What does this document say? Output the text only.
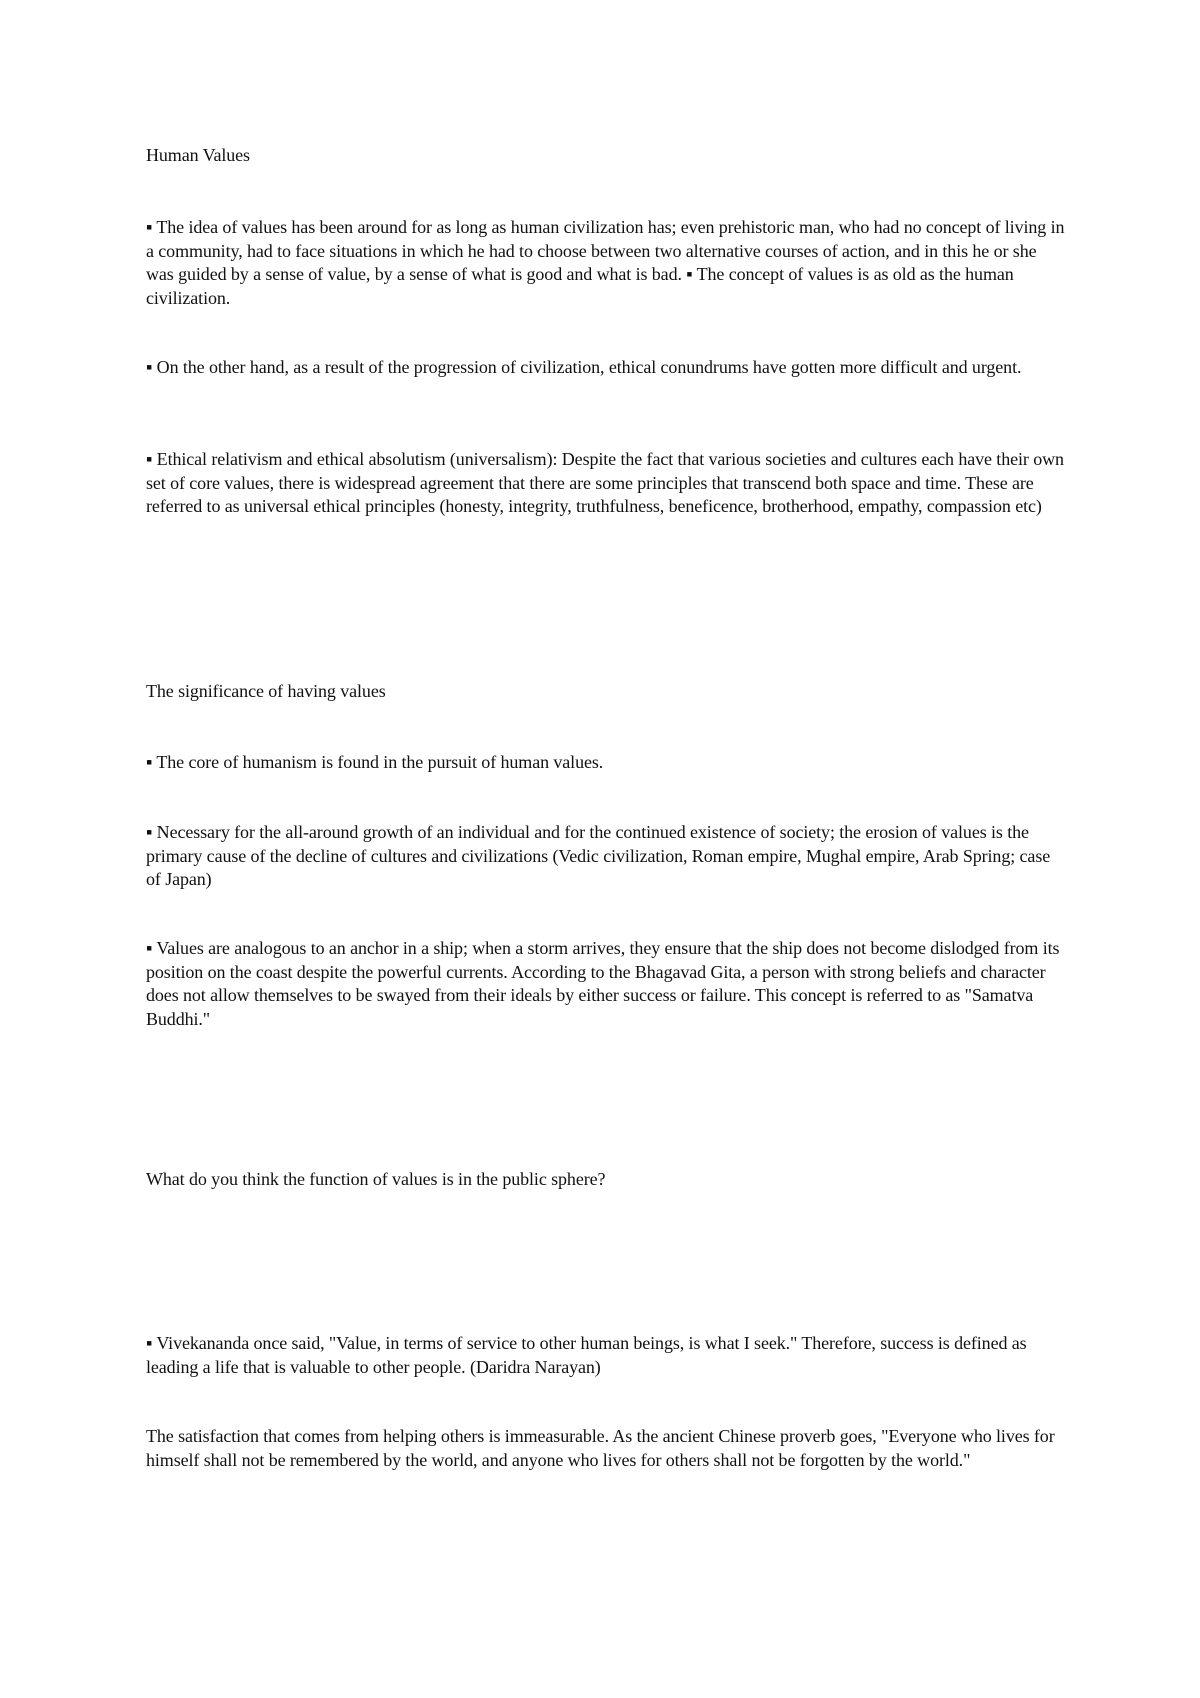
Human Values

▪ The idea of values has been around for as long as human civilization has; even prehistoric man, who had no concept of living in a community, had to face situations in which he had to choose between two alternative courses of action, and in this he or she was guided by a sense of value, by a sense of what is good and what is bad. ▪ The concept of values is as old as the human civilization.

▪ On the other hand, as a result of the progression of civilization, ethical conundrums have gotten more difficult and urgent.

▪ Ethical relativism and ethical absolutism (universalism): Despite the fact that various societies and cultures each have their own set of core values, there is widespread agreement that there are some principles that transcend both space and time. These are referred to as universal ethical principles (honesty, integrity, truthfulness, beneficence, brotherhood, empathy, compassion etc)

The significance of having values

▪ The core of humanism is found in the pursuit of human values.

▪ Necessary for the all-around growth of an individual and for the continued existence of society; the erosion of values is the primary cause of the decline of cultures and civilizations (Vedic civilization, Roman empire, Mughal empire, Arab Spring; case of Japan)

▪ Values are analogous to an anchor in a ship; when a storm arrives, they ensure that the ship does not become dislodged from its position on the coast despite the powerful currents. According to the Bhagavad Gita, a person with strong beliefs and character does not allow themselves to be swayed from their ideals by either success or failure. This concept is referred to as "Samatva Buddhi."

What do you think the function of values is in the public sphere?

▪ Vivekananda once said, "Value, in terms of service to other human beings, is what I seek." Therefore, success is defined as leading a life that is valuable to other people. (Daridra Narayan)

The satisfaction that comes from helping others is immeasurable. As the ancient Chinese proverb goes, "Everyone who lives for himself shall not be remembered by the world, and anyone who lives for others shall not be forgotten by the world."
